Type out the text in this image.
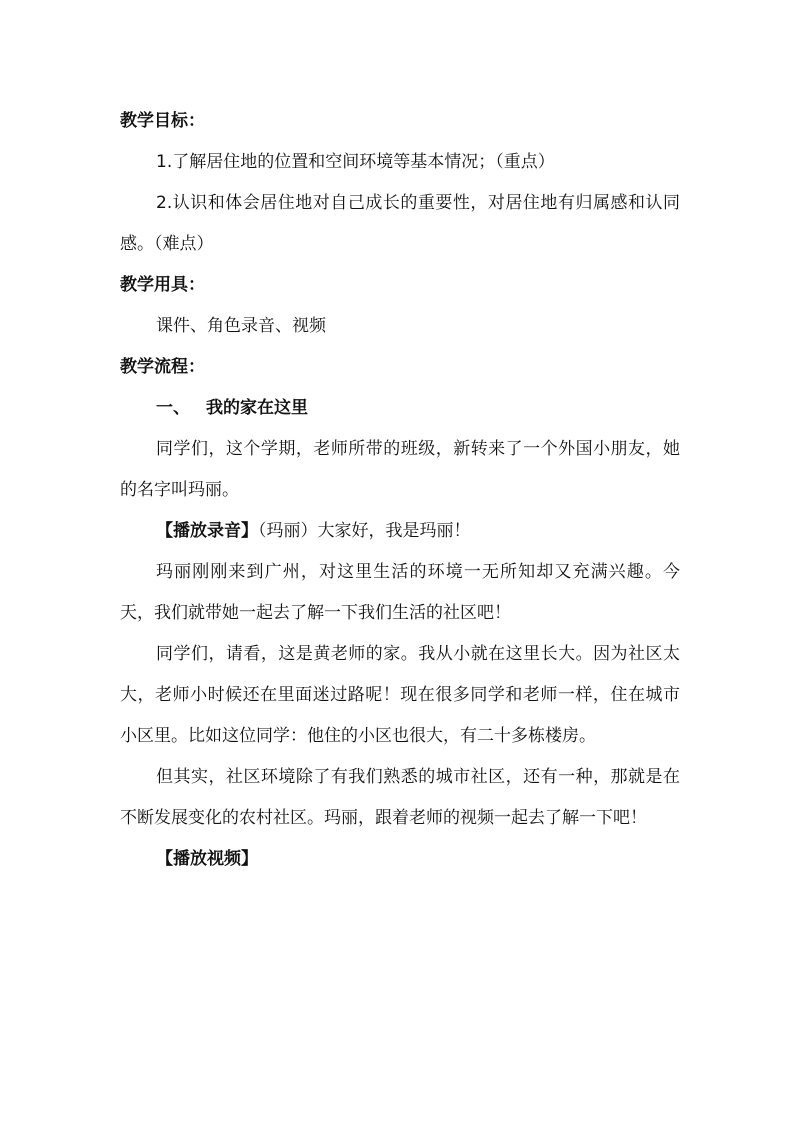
教学目标：

1.了解居住地的位置和空间环境等基本情况；（重点）

2.认识和体会居住地对自己成长的重要性，对居住地有归属感和认同感。（难点）

教学用具：

课件、角色录音、视频

教学流程：

一、 我的家在这里

同学们，这个学期，老师所带的班级，新转来了一个外国小朋友，她的名字叫玛丽。

【播放录音】（玛丽）大家好，我是玛丽！

玛丽刚刚来到广州，对这里生活的环境一无所知却又充满兴趣。今天，我们就带她一起去了解一下我们生活的社区吧！

同学们，请看，这是黄老师的家。我从小就在这里长大。因为社区太大，老师小时候还在里面迷过路呢！现在很多同学和老师一样，住在城市小区里。比如这位同学：他住的小区也很大，有二十多栋楼房。

但其实，社区环境除了有我们熟悉的城市社区，还有一种，那就是在不断发展变化的农村社区。玛丽，跟着老师的视频一起去了解一下吧！

【播放视频】
